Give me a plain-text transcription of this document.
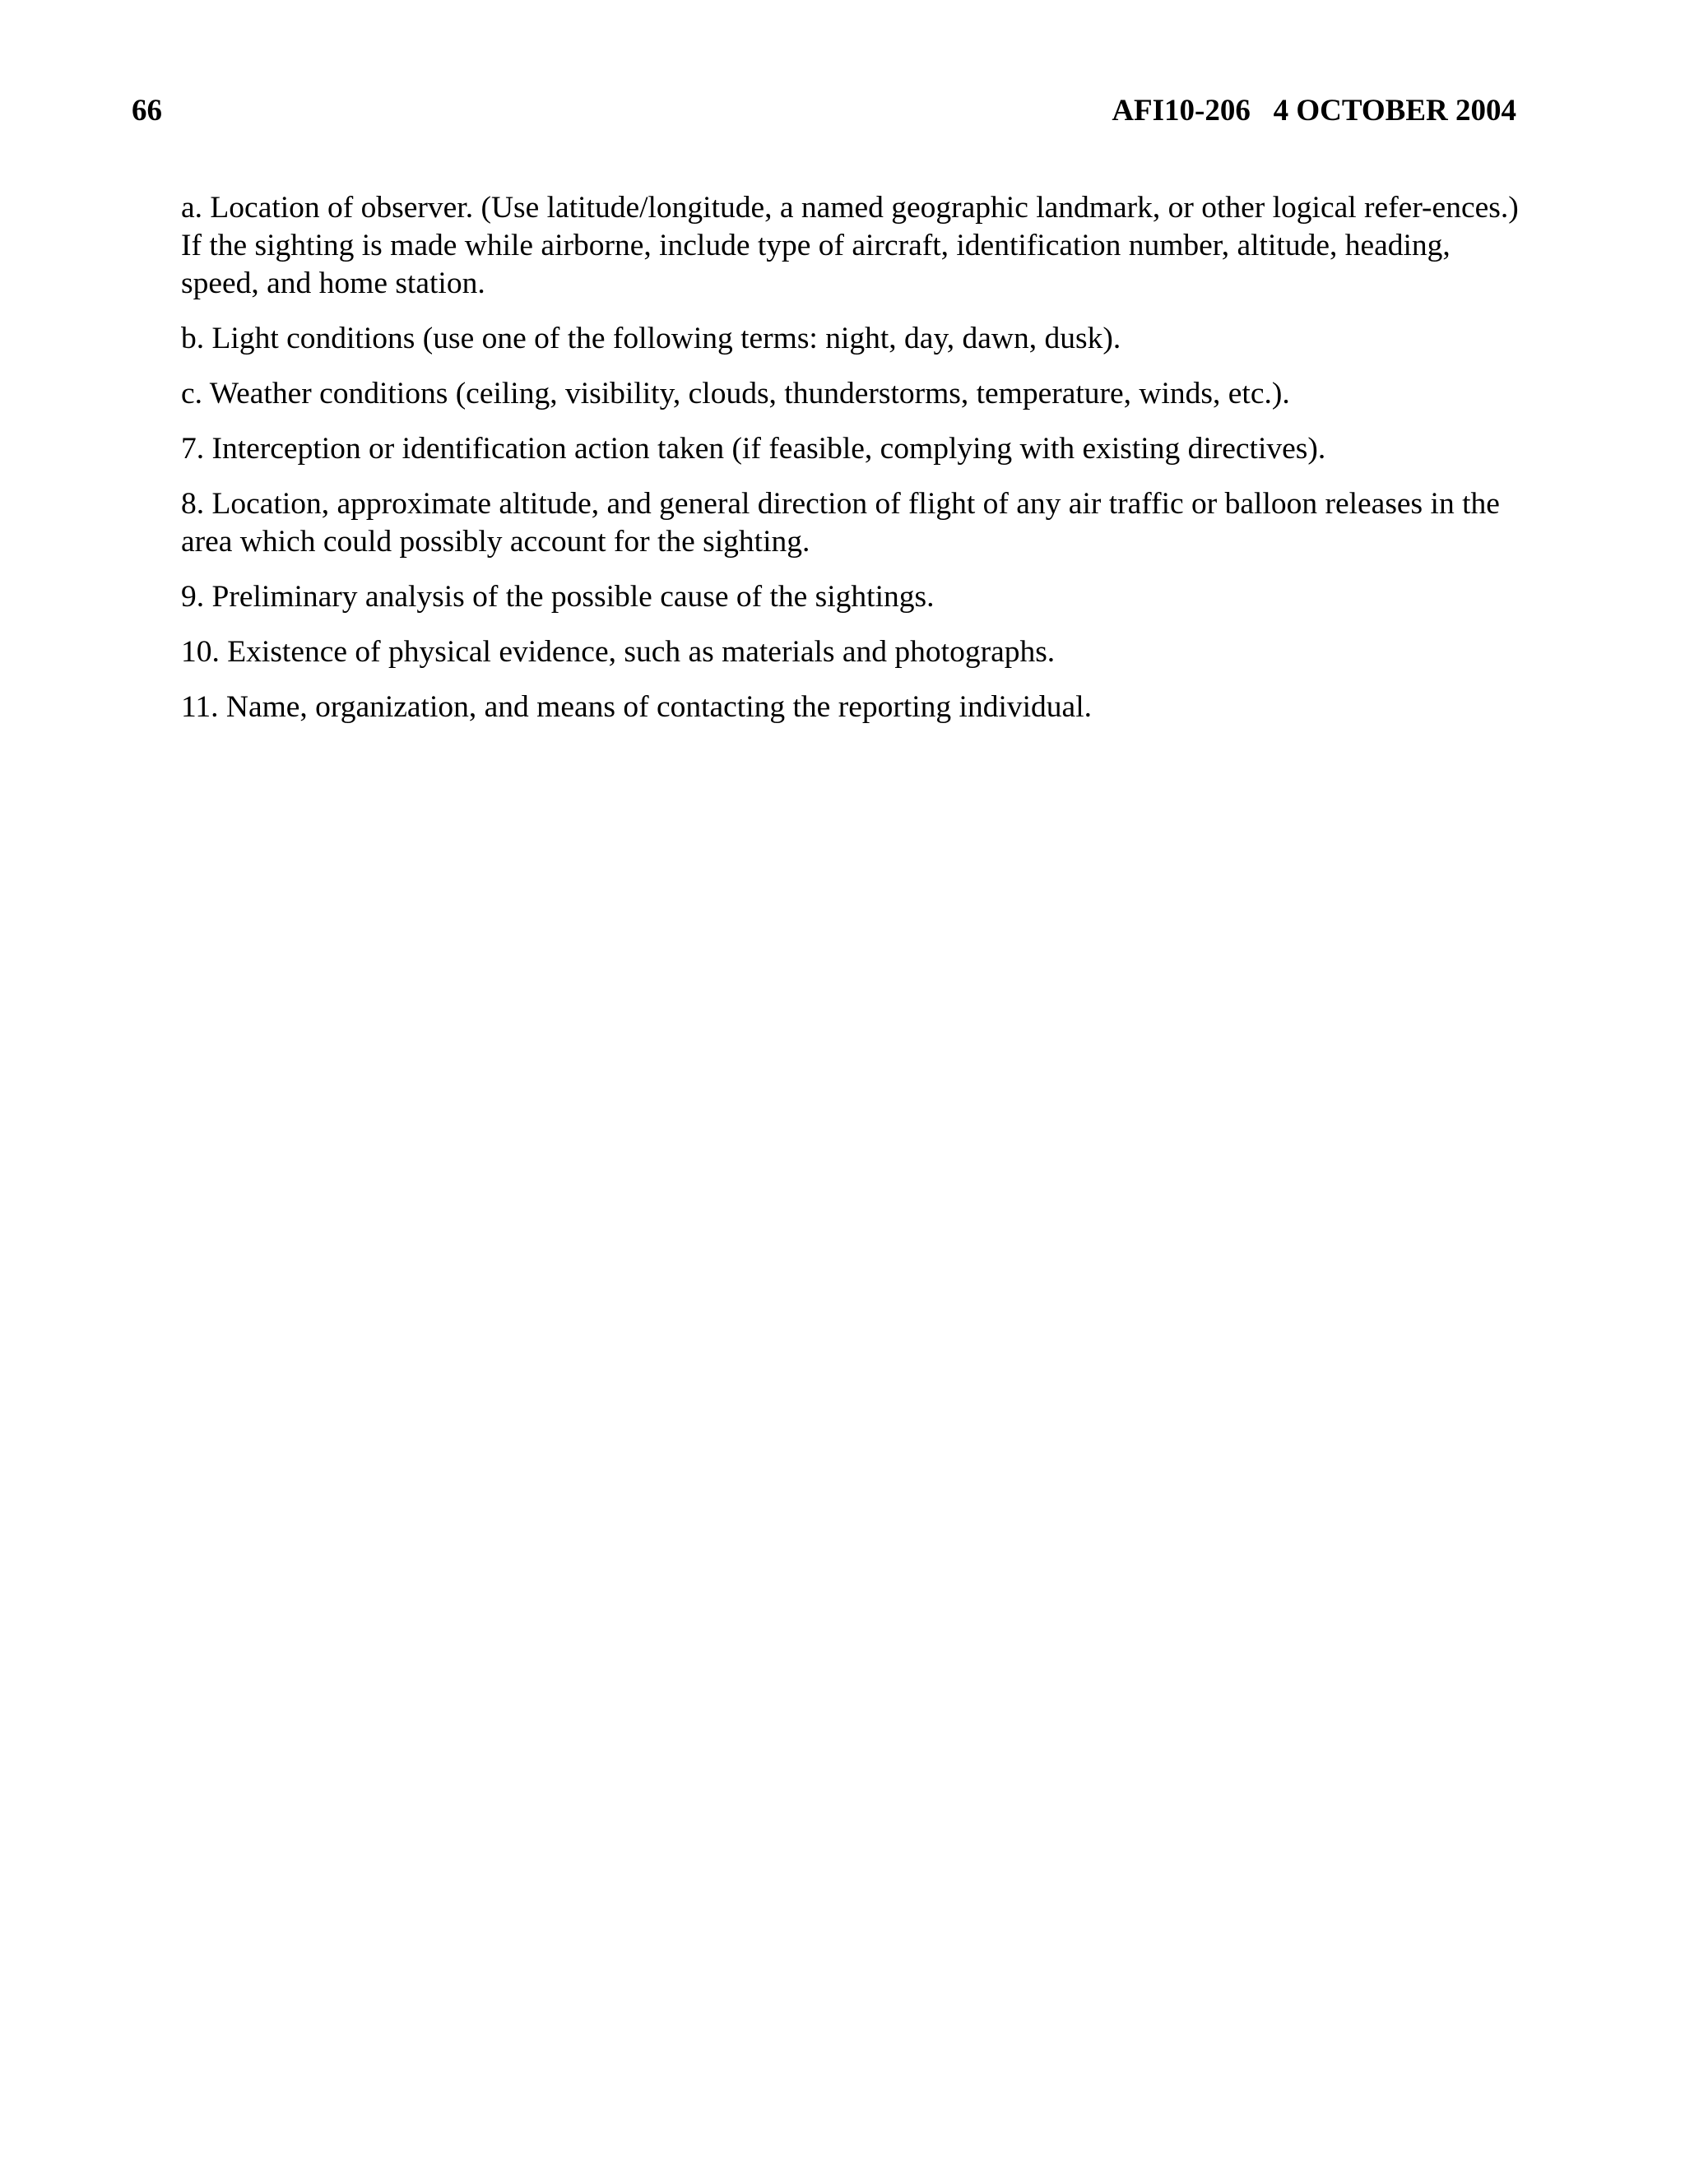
66	AFI10-206   4 OCTOBER 2004

a. Location of observer. (Use latitude/longitude, a named geographic landmark, or other logical refer-ences.) If the sighting is made while airborne, include type of aircraft, identification number, altitude, heading, speed, and home station.

b. Light conditions (use one of the following terms: night, day, dawn, dusk).

c. Weather conditions (ceiling, visibility, clouds, thunderstorms, temperature, winds, etc.).

7. Interception or identification action taken (if feasible, complying with existing directives).

8. Location, approximate altitude, and general direction of flight of any air traffic or balloon releases in the area which could possibly account for the sighting.

9. Preliminary analysis of the possible cause of the sightings.

10. Existence of physical evidence, such as materials and photographs.

11. Name, organization, and means of contacting the reporting individual.
